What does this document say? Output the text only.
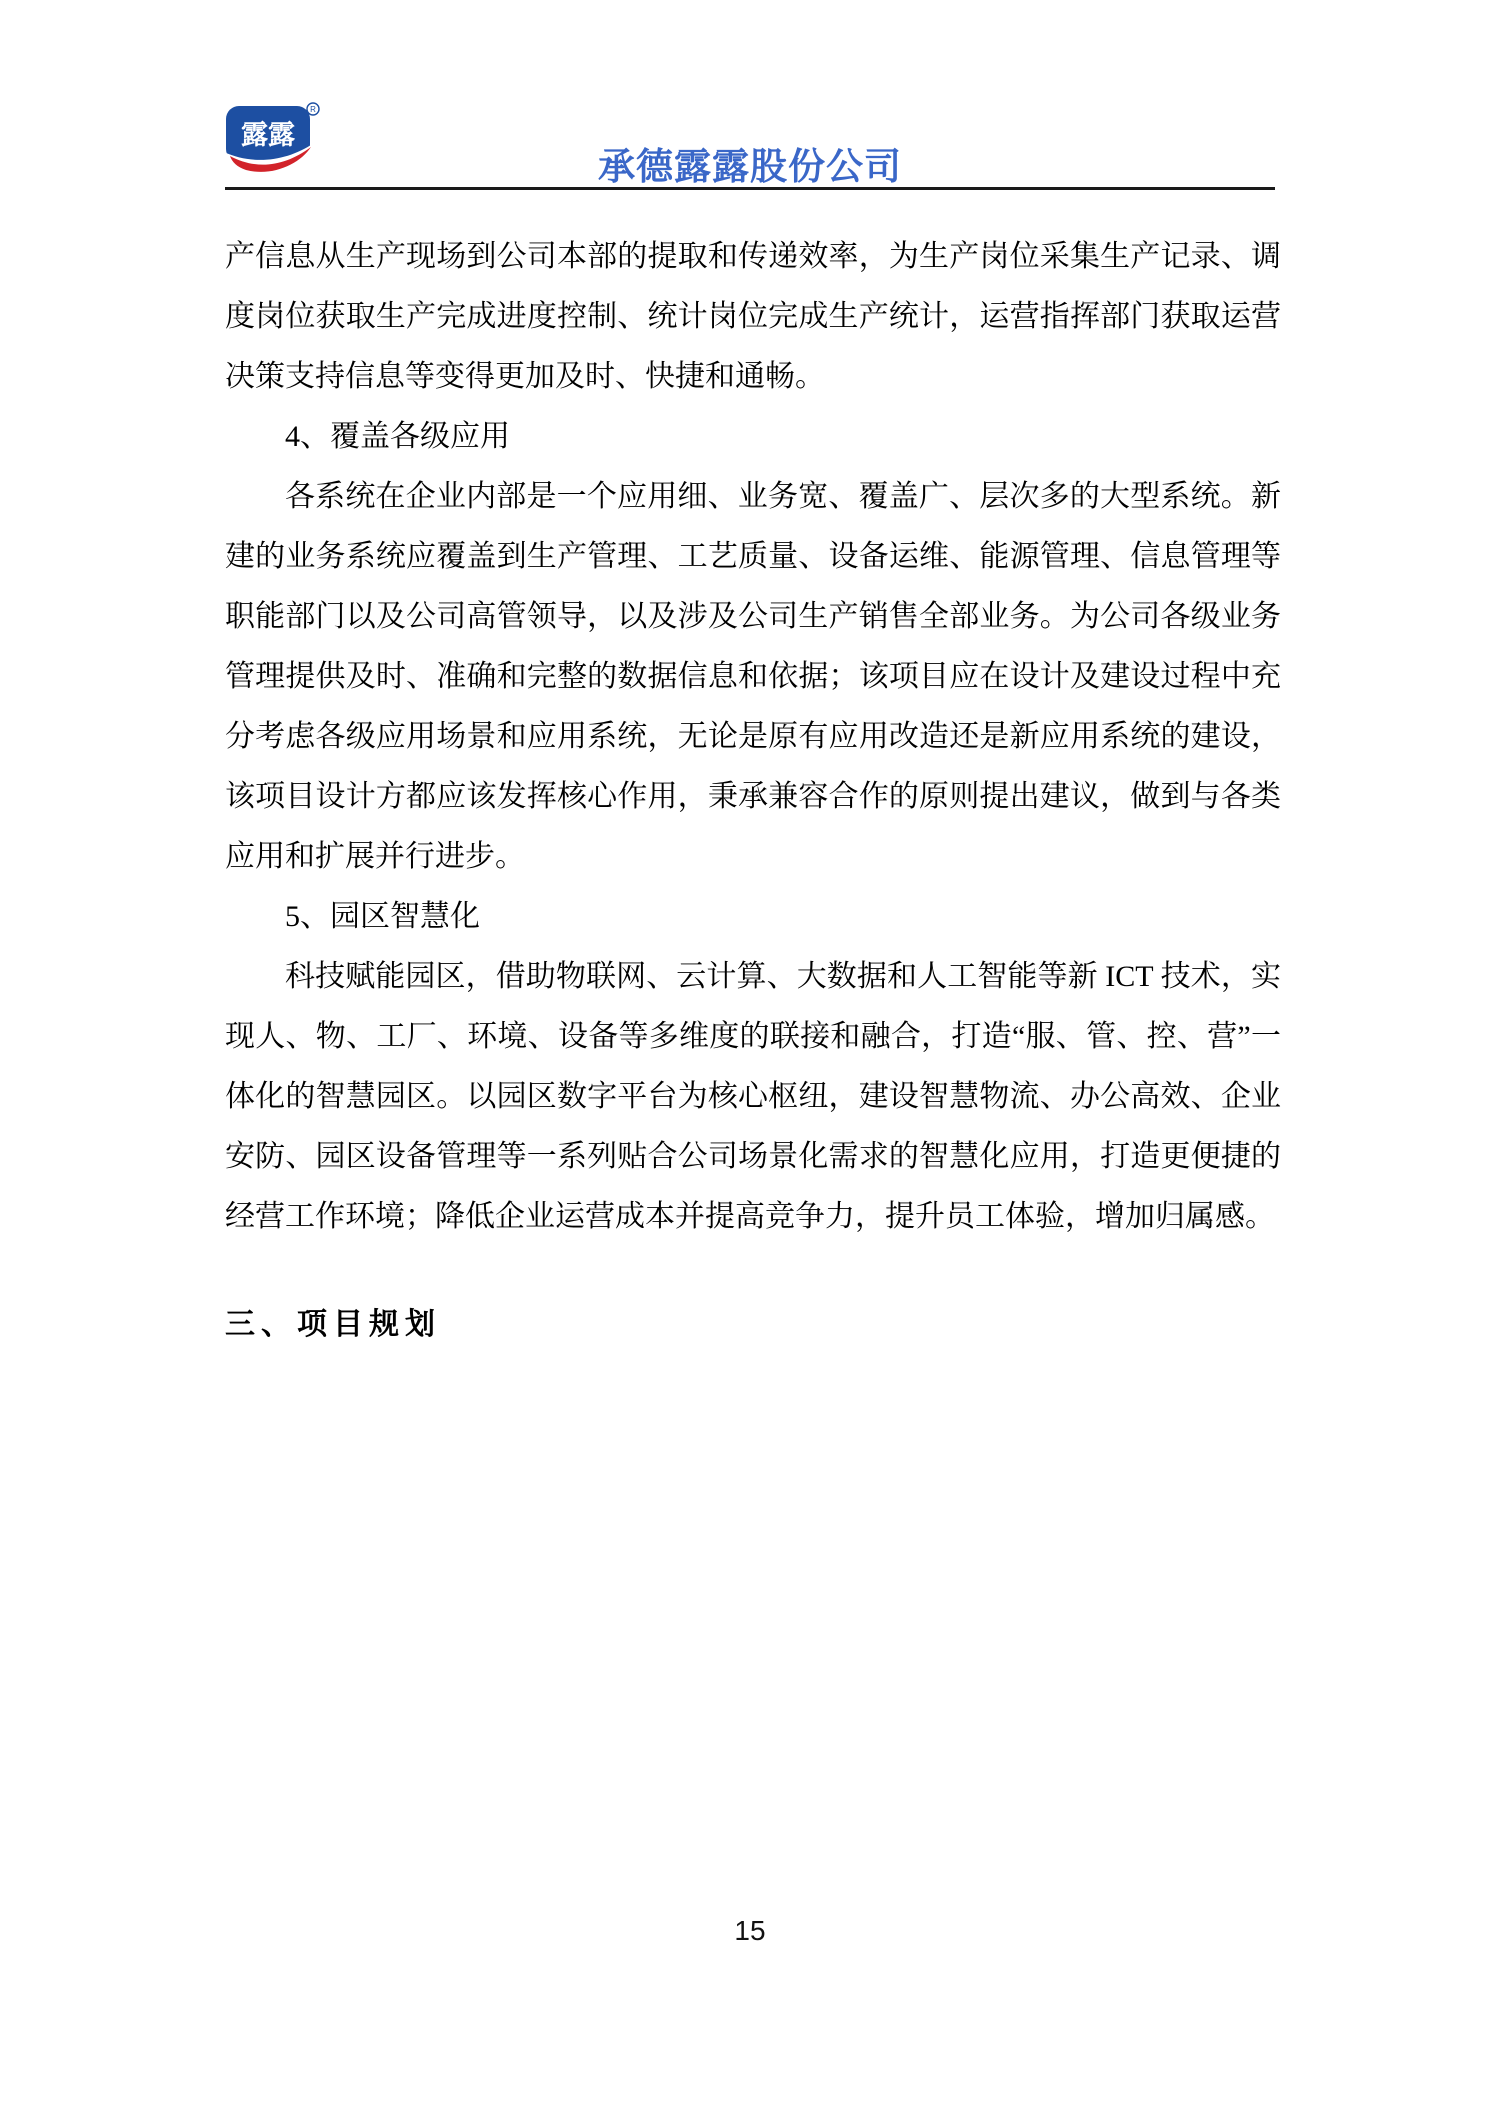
露露
R
承德露露股份公司

产信息从生产现场到公司本部的提取和传递效率，为生产岗位采集生产记录、调度岗位获取生产完成进度控制、统计岗位完成生产统计，运营指挥部门获取运营决策支持信息等变得更加及时、快捷和通畅。

4、覆盖各级应用

各系统在企业内部是一个应用细、业务宽、覆盖广、层次多的大型系统。新建的业务系统应覆盖到生产管理、工艺质量、设备运维、能源管理、信息管理等职能部门以及公司高管领导，以及涉及公司生产销售全部业务。为公司各级业务管理提供及时、准确和完整的数据信息和依据；该项目应在设计及建设过程中充分考虑各级应用场景和应用系统，无论是原有应用改造还是新应用系统的建设，该项目设计方都应该发挥核心作用，秉承兼容合作的原则提出建议，做到与各类应用和扩展并行进步。

5、园区智慧化

科技赋能园区，借助物联网、云计算、大数据和人工智能等新 ICT 技术，实现人、物、工厂、环境、设备等多维度的联接和融合，打造“服、管、控、营”一体化的智慧园区。以园区数字平台为核心枢纽，建设智慧物流、办公高效、企业安防、园区设备管理等一系列贴合公司场景化需求的智慧化应用，打造更便捷的经营工作环境；降低企业运营成本并提高竞争力，提升员工体验，增加归属感。

三、项目规划

15
